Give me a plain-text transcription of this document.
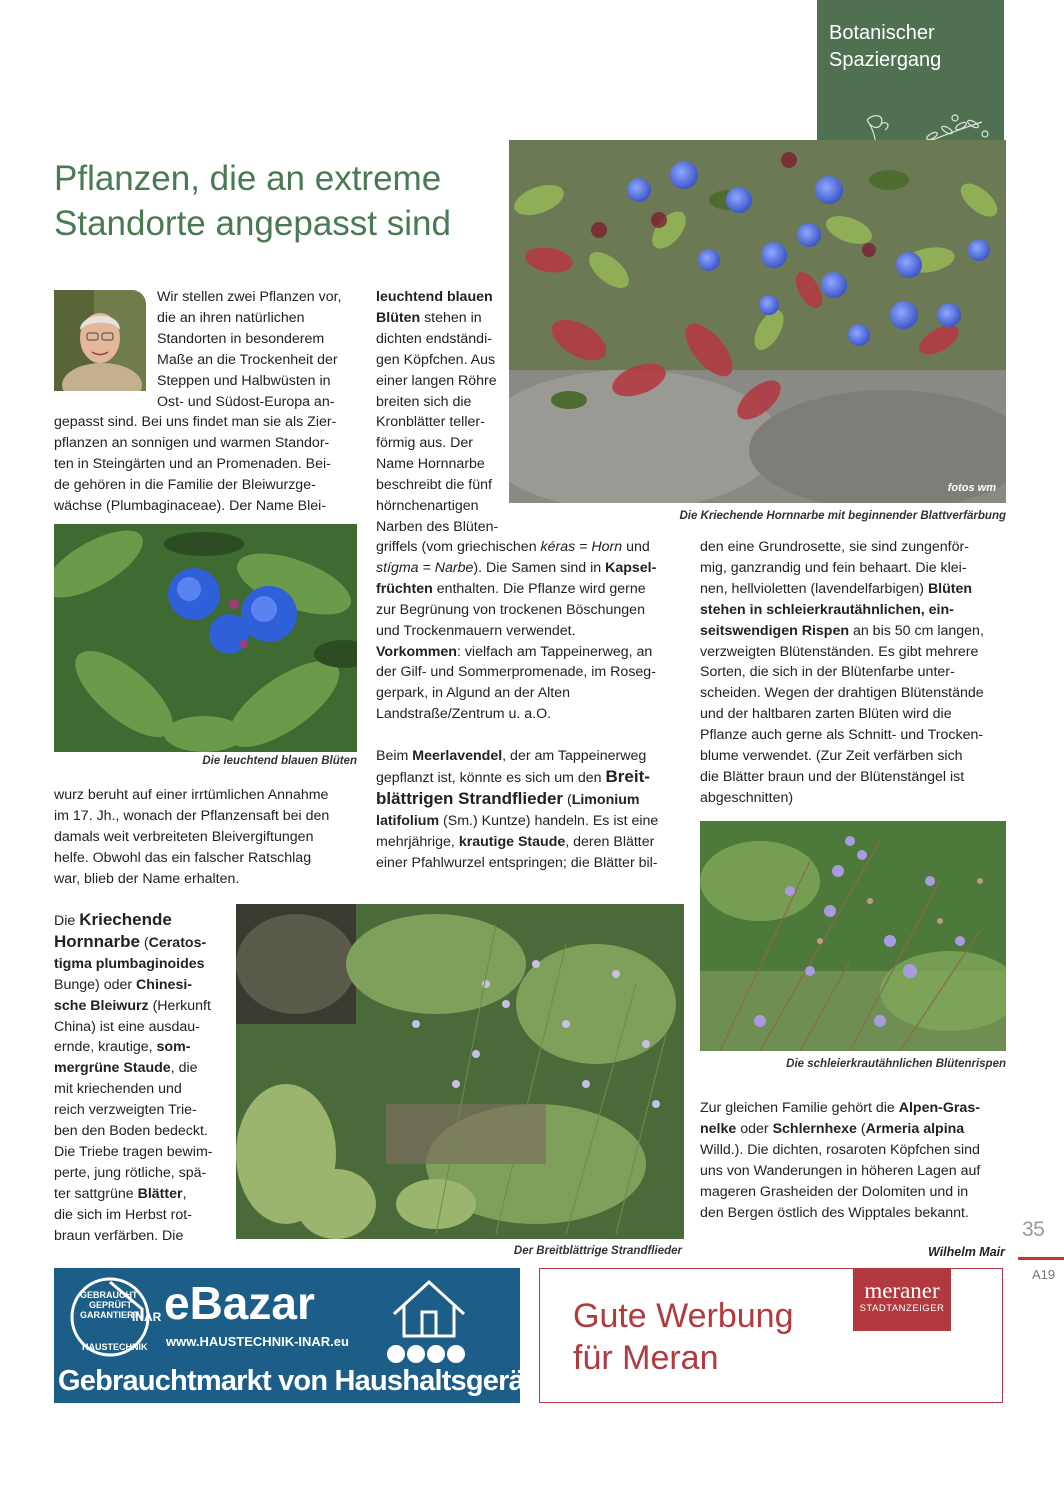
Botanischer
Spaziergang
Pflanzen, die an extreme
Standorte angepasst sind
fotos wm
Die Kriechende Hornnarbe mit beginnender Blattverfärbung

Wir stellen zwei Pflanzen vor,

die an ihren natürlichen

Standorten in besonderem

Maße an die Trockenheit der

Steppen und Halbwüsten in

Ost- und Südost-Europa an-

gepasst sind. Bei uns findet man sie als Zier-

pflanzen an sonnigen und warmen Standor-

ten in Steingärten und an Promenaden. Bei-

de gehören in die Familie der Bleiwurzge-

wächse (Plumbaginaceae). Der Name Blei-

Die leuchtend blauen Blüten

wurz beruht auf einer irrtümlichen Annahme

im 17. Jh., wonach der Pflanzensaft bei den

damals weit verbreiteten Bleivergiftungen

helfe. Obwohl das ein falscher Ratschlag

war, blieb der Name erhalten.

leuchtend blauen

Blüten stehen in

dichten endständi-

gen Köpfchen. Aus

einer langen Röhre

breiten sich die

Kronblätter teller-

förmig aus. Der

Name Hornnarbe

beschreibt die fünf

hörnchenartigen

Narben des Blüten-

griffels (vom griechischen kéras = Horn und

stígma = Narbe). Die Samen sind in Kapsel-

früchten enthalten. Die Pflanze wird gerne

zur Begrünung von trockenen Böschungen

und Trockenmauern verwendet.

Vorkommen: vielfach am Tappeinerweg, an

der Gilf- und Sommerpromenade, im Roseg-

gerpark, in Algund an der Alten

Landstraße/Zentrum u. a.O.

Beim Meerlavendel, der am Tappeinerweg

gepflanzt ist, könnte es sich um den Breit-

blättrigen Strandflieder (Limonium

latifolium (Sm.) Kuntze) handeln. Es ist eine

mehrjährige, krautige Staude, deren Blätter

einer Pfahlwurzel entspringen; die Blätter bil-

den eine Grundrosette, sie sind zungenför-

mig, ganzrandig und fein behaart. Die klei-

nen, hellvioletten (lavendelfarbigen) Blüten

stehen in schleierkrautähnlichen, ein-

seitswendigen Rispen an bis 50 cm langen,

verzweigten Blütenständen. Es gibt mehrere

Sorten, die sich in der Blütenfarbe unter-

scheiden. Wegen der drahtigen Blütenstände

und der haltbaren zarten Blüten wird die

Pflanze auch gerne als Schnitt- und Trocken-

blume verwendet. (Zur Zeit verfärben sich

die Blätter braun und der Blütenstängel ist

abgeschnitten)

Die schleierkrautähnlichen Blütenrispen

Zur gleichen Familie gehört die Alpen-Gras-

nelke oder Schlernhexe (Armeria alpina

Willd.). Die dichten, rosaroten Köpfchen sind

uns von Wanderungen in höheren Lagen auf

mageren Grasheiden der Dolomiten und in

den Bergen östlich des Wipptales bekannt.

Wilhelm Mair

Die Kriechende

Hornnarbe (Ceratos-

tigma plumbaginoides

Bunge) oder Chinesi-

sche Bleiwurz (Herkunft

China) ist eine ausdau-

ernde, krautige, som-

mergrüne Staude, die

mit kriechenden und

reich verzweigten Trie-

ben den Boden bedeckt.

Die Triebe tragen bewim-

perte, jung rötliche, spä-

ter sattgrüne Blätter,

die sich im Herbst rot-

braun verfärben. Die

Der Breitblättrige Strandflieder
35
A19
GEBRAUCHT
GEPRÜFT
GARANTIERT
INAR
HAUSTECHNIK
eBazar
www.HAUSTECHNIK-INAR.eu
Gebrauchtmarkt von Haushaltsgeräten
Gute Werbung
für Meran
meraner
STADTANZEIGER
